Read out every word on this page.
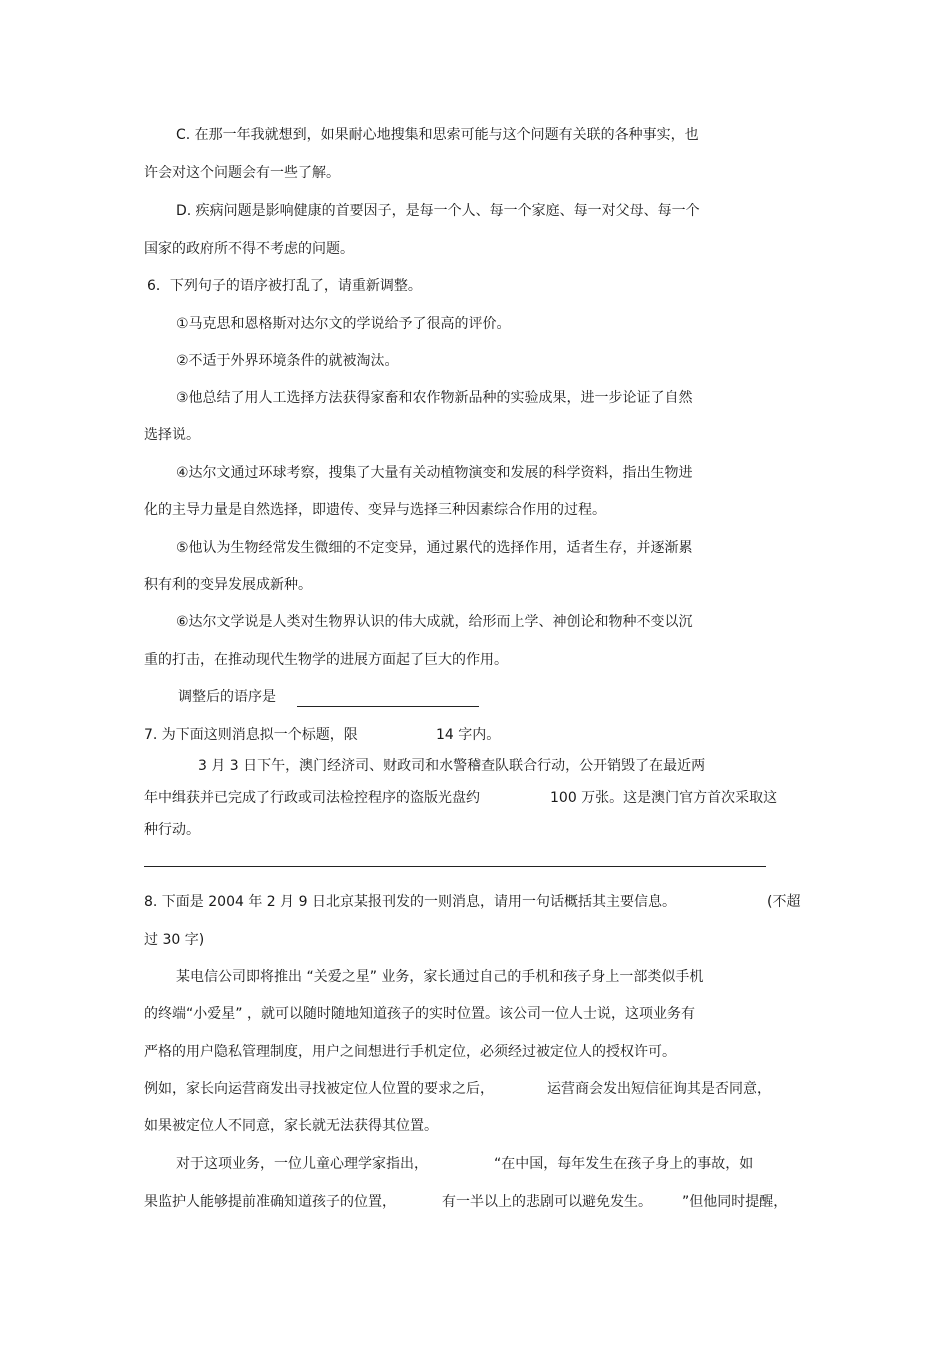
C. 在那一年我就想到，如果耐心地搜集和思索可能与这个问题有关联的各种事实，也
许会对这个问题会有一些了解。
D. 疾病问题是影响健康的首要因子，是每一个人、每一个家庭、每一对父母、每一个
国家的政府所不得不考虑的问题。
6．下列句子的语序被打乱了，请重新调整。
①马克思和恩格斯对达尔文的学说给予了很高的评价。
②不适于外界环境条件的就被淘汰。
③他总结了用人工选择方法获得家畜和农作物新品种的实验成果，进一步论证了自然
选择说。
④达尔文通过环球考察，搜集了大量有关动植物演变和发展的科学资料，指出生物进
化的主导力量是自然选择，即遗传、变异与选择三种因素综合作用的过程。
⑤他认为生物经常发生微细的不定变异，通过累代的选择作用，适者生存，并逐渐累
积有利的变异发展成新种。
⑥达尔文学说是人类对生物界认识的伟大成就，给形而上学、神创论和物种不变以沉
重的打击，在推动现代生物学的进展方面起了巨大的作用。
调整后的语序是
7. 为下面这则消息拟一个标题，限	14 字内。
3 月 3 日下午，澳门经济司、财政司和水警稽查队联合行动，公开销毁了在最近两
年中缉获并已完成了行政或司法检控程序的盗版光盘约	100 万张。这是澳门官方首次采取这
种行动。
8. 下面是 2004 年 2 月 9 日北京某报刊发的一则消息，请用一句话概括其主要信息。	(不超
过 30 字)
某电信公司即将推出 “关爱之星” 业务，家长通过自己的手机和孩子身上一部类似手机
的终端“小爱星” ，就可以随时随地知道孩子的实时位置。该公司一位人士说，这项业务有
严格的用户隐私管理制度，用户之间想进行手机定位，必须经过被定位人的授权许可。
例如，家长向运营商发出寻找被定位人位置的要求之后，	运营商会发出短信征询其是否同意，
如果被定位人不同意，家长就无法获得其位置。
对于这项业务，一位儿童心理学家指出，	“在中国，每年发生在孩子身上的事故，如
果监护人能够提前准确知道孩子的位置，	有一半以上的悲剧可以避免发生。 ”但他同时提醒，
